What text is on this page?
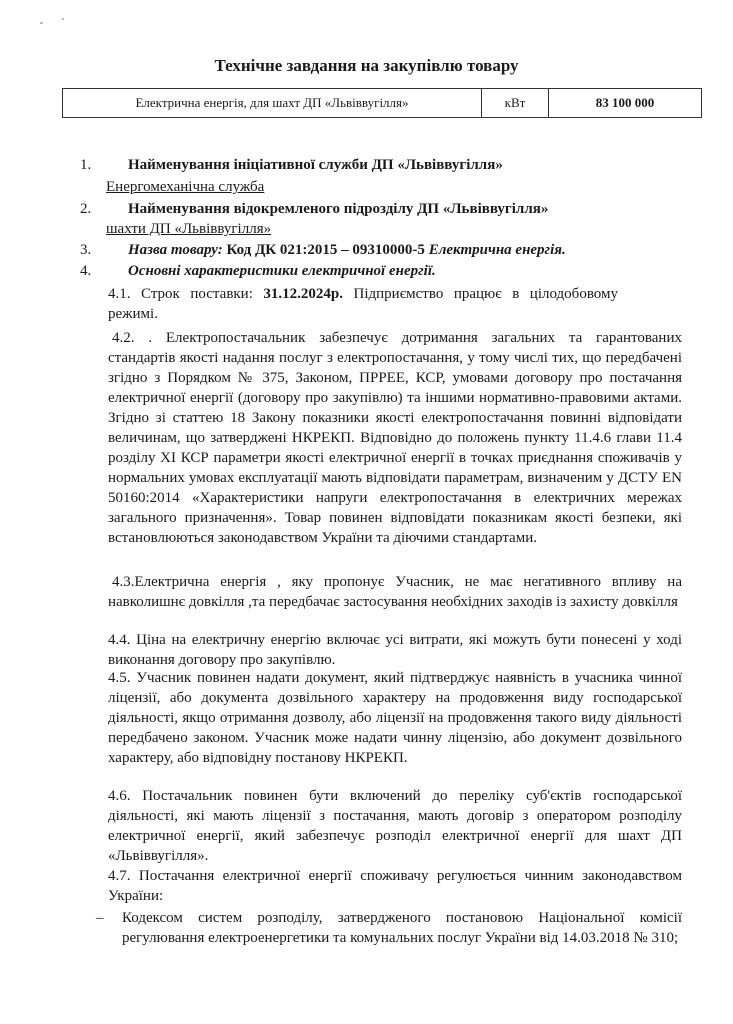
Технічне завдання на закупівлю товару
Електрична енергія, для шахт ДП «Львіввугілля»	кВт	83 100 000
1. Найменування ініціативної служби ДП «Львіввугілля»
Енергомеханічна служба
2. Найменування відокремленого підрозділу ДП «Львіввугілля»
шахти ДП «Львіввугілля»
3. Назва товару: Код ДК 021:2015 – 09310000-5 Електрична енергія.
4. Основні характеристики електричної енергії.
4.1. Строк поставки: 31.12.2024р. Підприємство працює в цілодобовому режимі.
4.2. . Електропостачальник забезпечує дотримання загальних та гарантованих стандартів якості надання послуг з електропостачання, у тому числі тих, що передбачені згідно з Порядком № 375, Законом, ПРРЕЕ, КСР, умовами договору про постачання електричної енергії (договору про закупівлю) та іншими нормативно-правовими актами. Згідно зі статтею 18 Закону показники якості електропостачання повинні відповідати величинам, що затверджені НКРЕКП. Відповідно до положень пункту 11.4.6 глави 11.4 розділу XI КСР параметри якості електричної енергії в точках приєднання споживачів у нормальних умовах експлуатації мають відповідати параметрам, визначеним у ДСТУ EN 50160:2014 «Характеристики напруги електропостачання в електричних мережах загального призначення». Товар повинен відповідати показникам якості безпеки, які встановлюються законодавством України та діючими стандартами.
4.3.Електрична енергія , яку пропонує Учасник, не має негативного впливу на навколишнє довкілля ,та передбачає застосування необхідних заходів із захисту довкілля
4.4. Ціна на електричну енергію включає усі витрати, які можуть бути понесені у ході виконання договору про закупівлю.
4.5. Учасник повинен надати документ, який підтверджує наявність в учасника чинної ліцензії, або документа дозвільного характеру на продовження виду господарської діяльності, якщо отримання дозволу, або ліцензії на продовження такого виду діяльності передбачено законом. Учасник може надати чинну ліцензію, або документ дозвільного характеру, або відповідну постанову НКРЕКП.
4.6. Постачальник повинен бути включений до переліку суб'єктів господарської діяльності, які мають ліцензії з постачання, мають договір з оператором розподілу електричної енергії, який забезпечує розподіл електричної енергії для шахт ДП «Львіввугілля».
4.7. Постачання електричної енергії споживачу регулюється чинним законодавством України:
– Кодексом систем розподілу, затвердженого постановою Національної комісії регулювання електроенергетики та комунальних послуг України від 14.03.2018 № 310;
